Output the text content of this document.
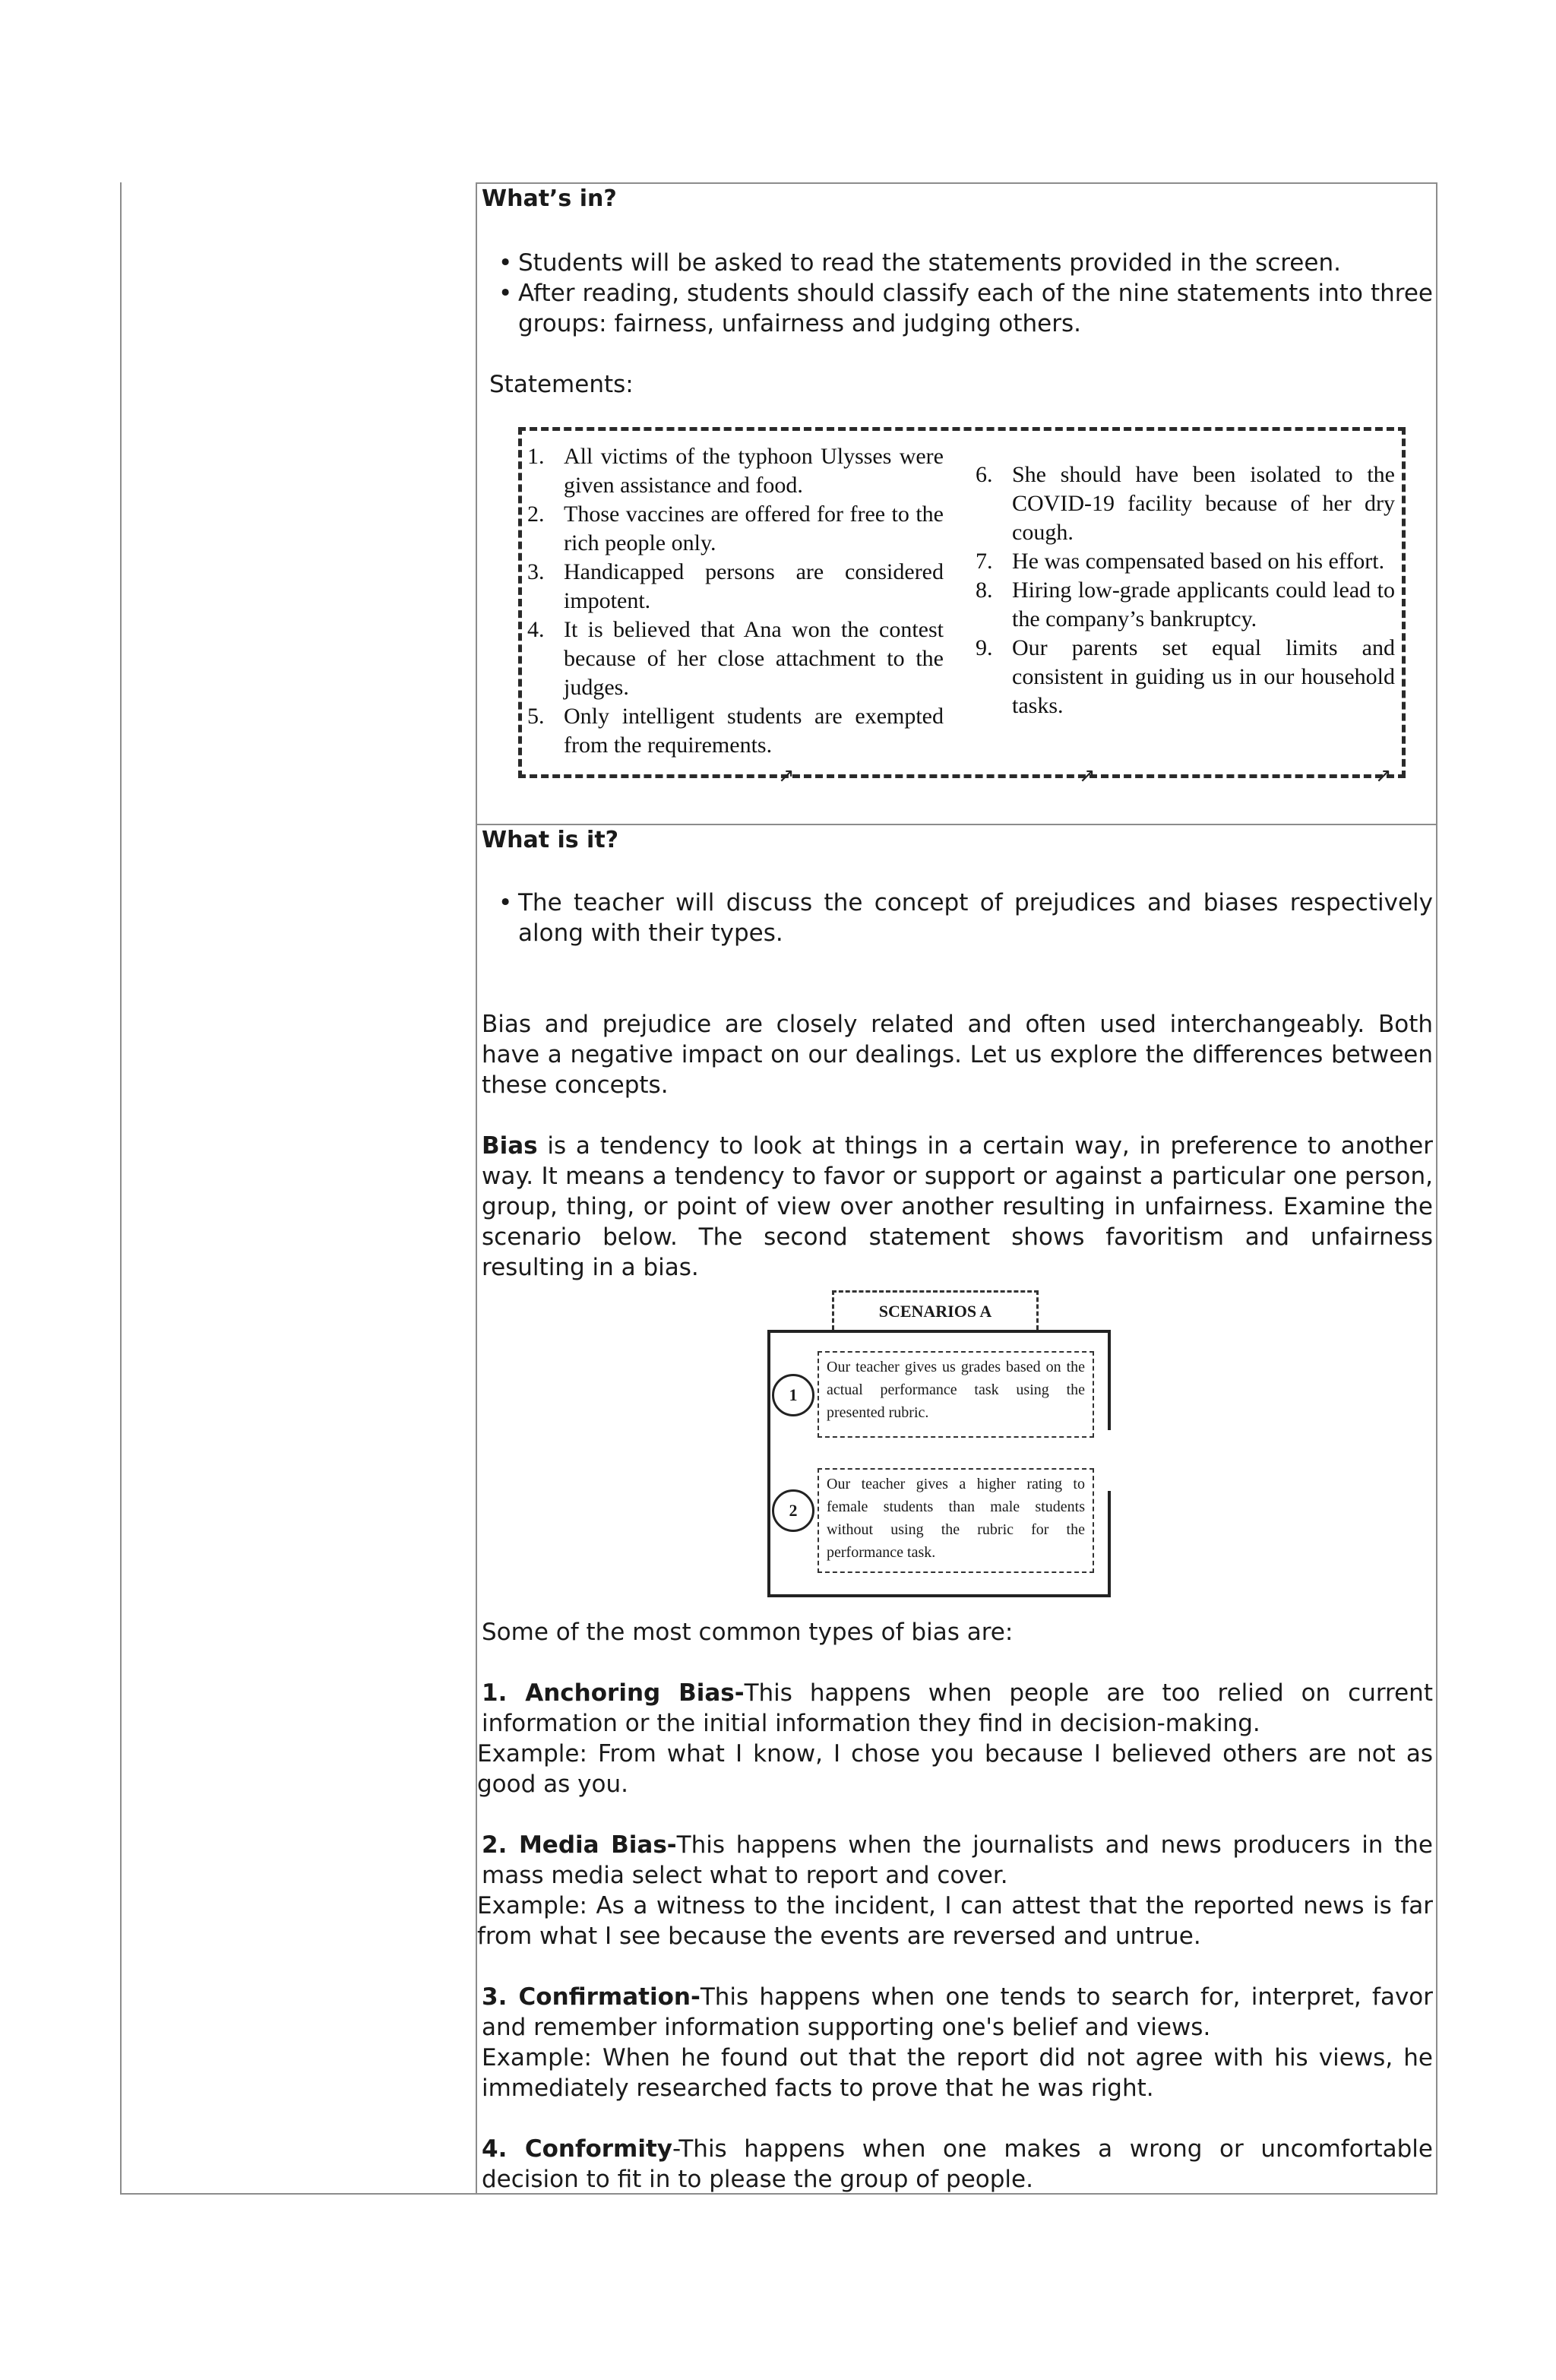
What’s in?
• Students will be asked to read the statements provided in the screen.
• After reading, students should classify each of the nine statements into three groups: fairness, unfairness and judging others.
Statements:
↗	↗	↗
1. All victims of the typhoon Ulysses were given assistance and food.
2. Those vaccines are offered for free to the rich people only.
3. Handicapped persons are considered impotent.
4. It is believed that Ana won the contest because of her close attachment to the judges.
5. Only intelligent students are exempted from the requirements.
6. She should have been isolated to the COVID-19 facility because of her dry cough.
7. He was compensated based on his effort.
8. Hiring low-grade applicants could lead to the company’s bankruptcy.
9. Our parents set equal limits and consistent in guiding us in our household tasks.
What is it?
• The teacher will discuss the concept of prejudices and biases respectively along with their types.

Bias and prejudice are closely related and often used interchangeably. Both have a negative impact on our dealings. Let us explore the differences between these concepts.

Bias is a tendency to look at things in a certain way, in preference to another way. It means a tendency to favor or support or against a particular one person, group, thing, or point of view over another resulting in unfairness. Examine the scenario below. The second statement shows favoritism and unfairness resulting in a bias.

SCENARIOS A
1
Our teacher gives us grades based on the actual performance task using the presented rubric.
2
Our teacher gives a higher rating to female students than male students without using the rubric for the performance task.

Some of the most common types of bias are:

1. Anchoring Bias-This happens when people are too relied on current information or the initial information they find in decision-making.
Example: From what I know, I chose you because I believed others are not as good as you.
2. Media Bias-This happens when the journalists and news producers in the mass media select what to report and cover.
Example: As a witness to the incident, I can attest that the reported news is far from what I see because the events are reversed and untrue.
3. Confirmation-This happens when one tends to search for, interpret, favor and remember information supporting one's belief and views.
Example: When he found out that the report did not agree with his views, he immediately researched facts to prove that he was right.
4. Conformity-This happens when one makes a wrong or uncomfortable decision to fit in to please the group of people.
